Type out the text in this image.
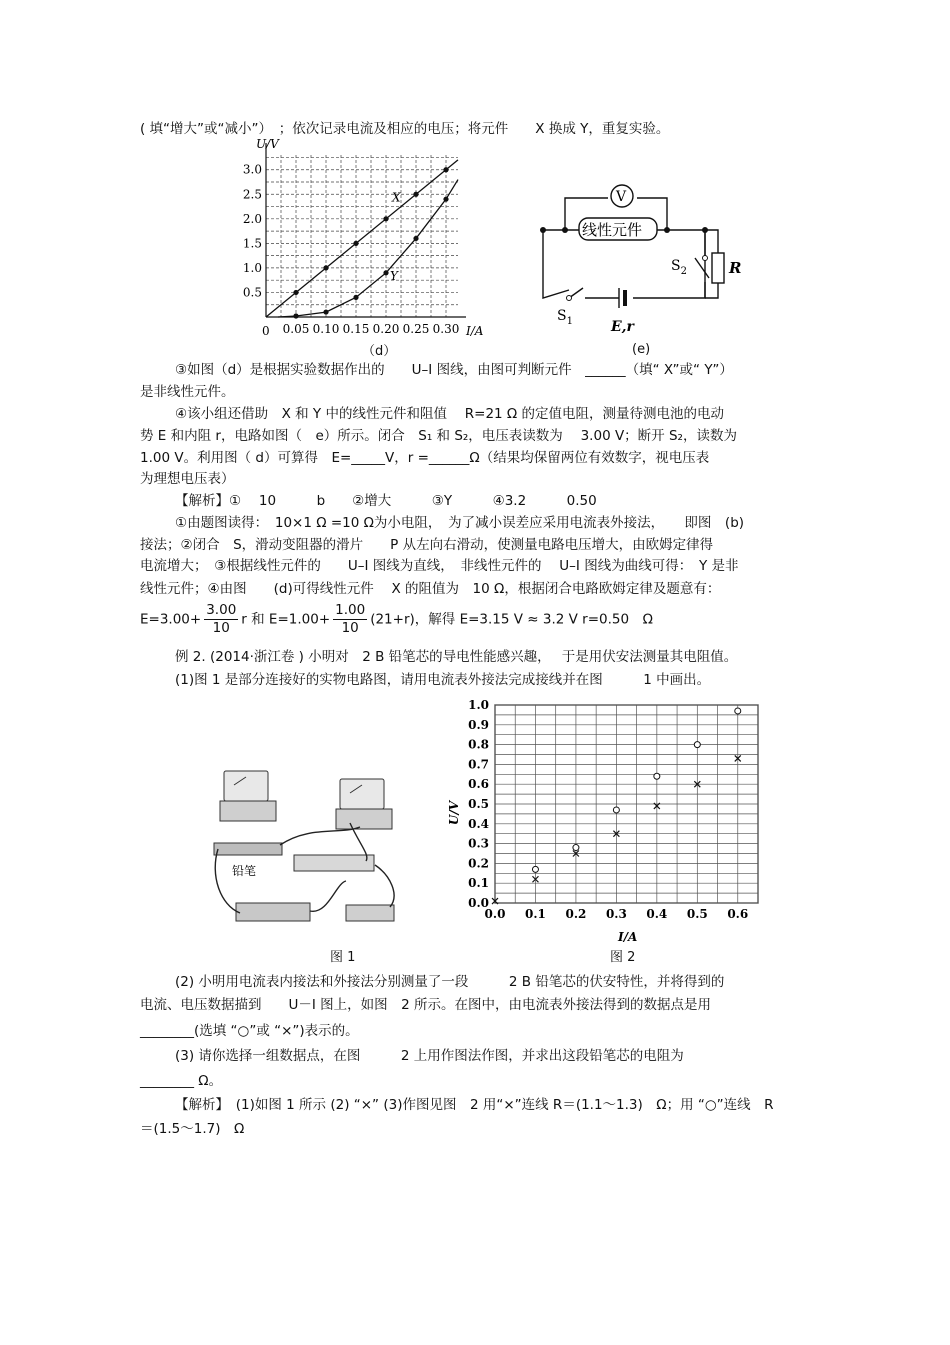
( 填“增大”或“减小”）　；依次记录电流及相应的电压；将元件　　X 换成 Y，重复实验。
0.05 0.10 0.15 0.20 0.25 0.30
0.5
1.0
1.5
2.0
2.5
3.0
X
Y
U/V
I/A
0
（d）
V
线性元件
$S_2$	R
$S_1$	E,r
(e)
③如图（d）是根据实验数据作出的　　U–I 图线，由图可判断元件　______（填“ X”或“ Y”）
是非线性元件。
④该小组还借助　X 和 Y 中的线性元件和阻值　 R=21 Ω 的定值电阻，测量待测电池的电动
势 E 和内阻 r，电路如图（　e）所示。闭合　S₁ 和 S₂，电压表读数为　 3.00 V；断开 S₂，读数为
1.00 V。利用图（ d）可算得　E=_____V，r =______Ω（结果均保留两位有效数字，视电压表
为理想电压表）
【解析】①　 10　　　b　　②增大　　　③Y　　　④3.2　　　0.50
①由题图读得：　10×1 Ω =10 Ω为小电阻，　为了减小误差应采用电流表外接法，　　即图　(b)
接法；②闭合　S，滑动变阻器的滑片　　P 从左向右滑动，使测量电路电压增大，由欧姆定律得
电流增大；　③根据线性元件的　　U–I 图线为直线，　非线性元件的　 U–I 图线为曲线可得：　Y 是非
线性元件；④由图　　(d)可得线性元件　 X 的阻值为　10 Ω，根据闭合电路欧姆定律及题意有：
$E=3.00+ \frac{3.00}{10}$ r 和 $E=1.00+ \frac{1.00}{10} (21+r)$，解得 E=3.15 V ≈ 3.2 V r=0.50　Ω
例 2. (2014·浙江卷 ) 小明对　2 B 铅笔芯的导电性能感兴趣，　 于是用伏安法测量其电阻值。
(1)图 1 是部分连接好的实物电路图，请用电流表外接法完成接线并在图　　　1 中画出。
铅笔
图 1
0.0 0.1 0.2 0.3 0.4 0.5 0.6
0.0
0.1
0.2
0.3
0.4
0.5
0.6
0.7
0.8
0.9
1.0
U/V
I/A
图 2
(2) 小明用电流表内接法和外接法分别测量了一段　　　2 B 铅笔芯的伏安特性，并将得到的
电流、电压数据描到　　U－I 图上，如图　2 所示。在图中，由电流表外接法得到的数据点是用
________(选填 “○”或 “×”)表示的。
(3) 请你选择一组数据点，在图　　　2 上用作图法作图，并求出这段铅笔芯的电阻为
________ Ω。
【解析】　(1)如图 1 所示 (2) “×” (3)作图见图　2 用“×”连线 R＝(1.1～1.3)　Ω；用 “○”连线　R
＝(1.5～1.7)　Ω
